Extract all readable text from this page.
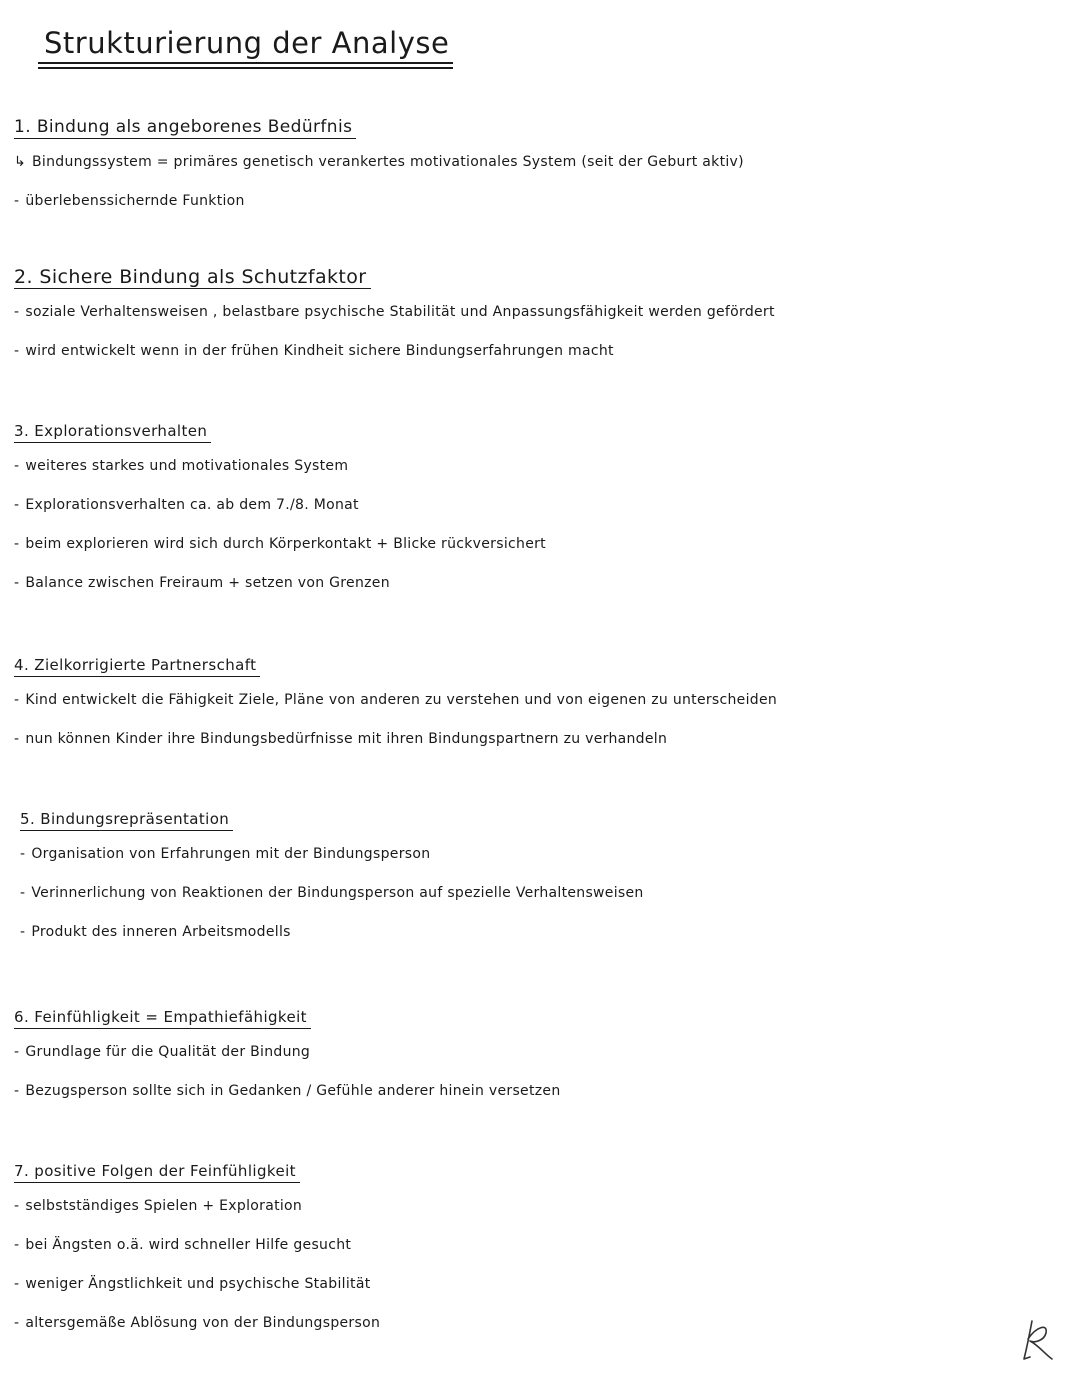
Strukturierung der Analyse
1. Bindung als angeborenes Bedürfnis
↳ Bindungssystem = primäres genetisch verankertes motivationales System (seit der Geburt aktiv)
- überlebenssichernde Funktion
2. Sichere Bindung als Schutzfaktor
- soziale Verhaltensweisen , belastbare psychische Stabilität und Anpassungsfähigkeit werden gefördert
- wird entwickelt wenn in der frühen Kindheit sichere Bindungserfahrungen macht
3. Explorationsverhalten
- weiteres starkes und motivationales System
- Explorationsverhalten ca. ab dem 7./8. Monat
- beim explorieren wird sich durch Körperkontakt + Blicke rückversichert
- Balance zwischen Freiraum + setzen von Grenzen
4. Zielkorrigierte Partnerschaft
- Kind entwickelt die Fähigkeit Ziele, Pläne von anderen zu verstehen und von eigenen zu unterscheiden
- nun können Kinder ihre Bindungsbedürfnisse mit ihren Bindungspartnern zu verhandeln
5. Bindungsrepräsentation
- Organisation von Erfahrungen mit der Bindungsperson
- Verinnerlichung von Reaktionen der Bindungsperson auf spezielle Verhaltensweisen
- Produkt des inneren Arbeitsmodells
6. Feinfühligkeit = Empathiefähigkeit
- Grundlage für die Qualität der Bindung
- Bezugsperson sollte sich in Gedanken / Gefühle anderer hinein versetzen
7. positive Folgen der Feinfühligkeit
- selbstständiges Spielen + Exploration
- bei Ängsten o.ä. wird schneller Hilfe gesucht
- weniger Ängstlichkeit und psychische Stabilität
- altersgemäße Ablösung von der Bindungsperson
